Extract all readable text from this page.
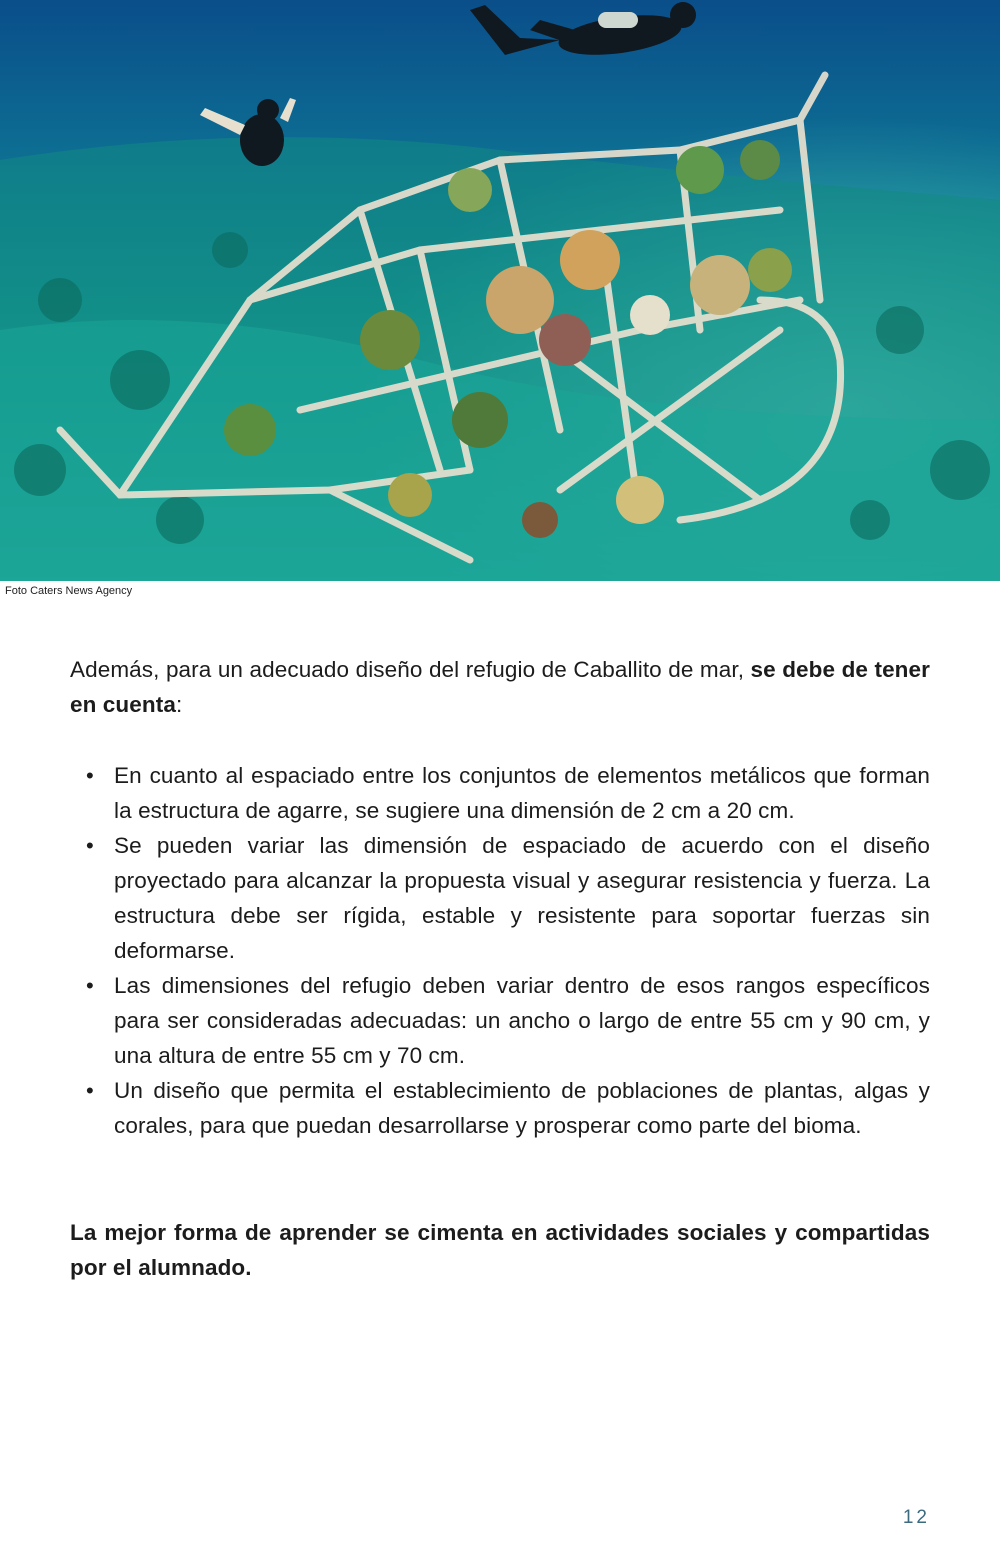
Foto Caters News Agency

Además, para un adecuado diseño del refugio de Caballito de mar, se debe de tener en cuenta:

• En cuanto al espaciado entre los conjuntos de elementos metálicos que forman la estructura de agarre, se sugiere una dimensión de 2 cm a 20 cm.
• Se pueden variar las dimensión de espaciado de acuerdo con el diseño proyectado para alcanzar la propuesta visual y asegurar resistencia y fuerza. La estructura debe ser rígida, estable y resistente para soportar fuerzas sin deformarse.
• Las dimensiones del refugio deben variar dentro de esos rangos específicos para ser consideradas adecuadas: un ancho o largo de entre 55 cm y 90 cm, y una altura de entre 55 cm y 70 cm.
• Un diseño que permita el establecimiento de poblaciones de plantas, algas y corales, para que puedan desarrollarse y prosperar como parte del bioma.

La mejor forma de aprender se cimenta en actividades sociales y compartidas por el alumnado.

12
